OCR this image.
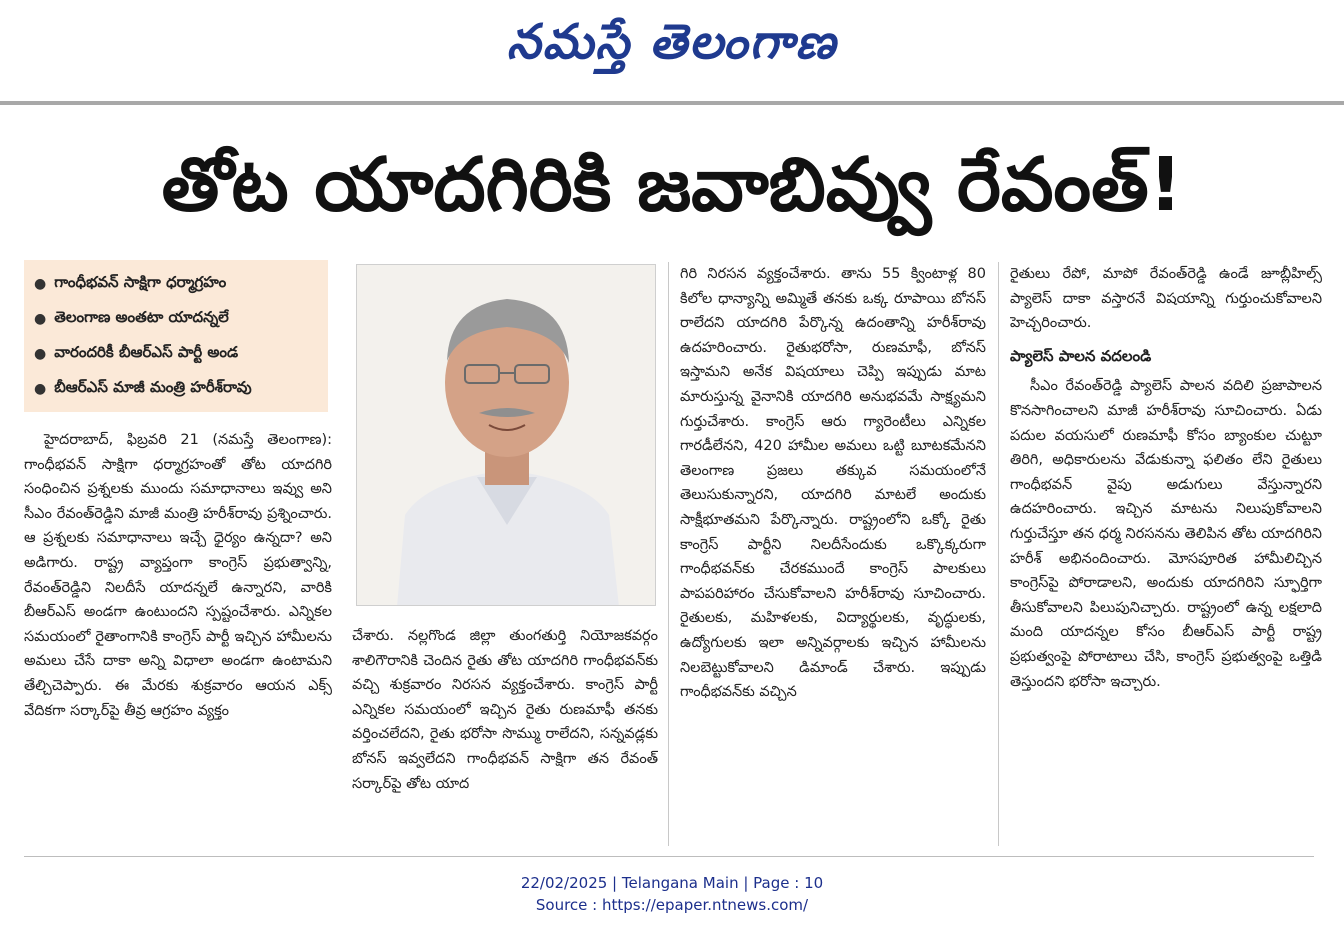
నమస్తే తెలంగాణ
తోట యాదగిరికి జవాబివ్వు రేవంత్!
● గాంధీభవన్ సాక్షిగా ధర్మాగ్రహం
● తెలంగాణ అంతటా యాదన్నలే
● వారందరికీ బీఆర్ఎస్ పార్టీ అండ
● బీఆర్ఎస్ మాజీ మంత్రి హరీశ్‌రావు

హైదరాబాద్, ఫిబ్రవరి 21 (నమస్తే తెలంగాణ): గాంధీభవన్ సాక్షిగా ధర్మాగ్రహంతో తోట యాదగిరి సంధించిన ప్రశ్నలకు ముందు సమాధానాలు ఇవ్వు అని సీఎం రేవంత్‌రెడ్డిని మాజీ మంత్రి హరీశ్‌రావు ప్రశ్నించారు. ఆ ప్రశ్నలకు సమాధానాలు ఇచ్చే ధైర్యం ఉన్నదా? అని అడిగారు. రాష్ట్ర వ్యాప్తంగా కాంగ్రెస్ ప్రభుత్వాన్ని, రేవంత్‌రెడ్డిని నిలదీసే యాదన్నలే ఉన్నారని, వారికి బీఆర్ఎస్ అండగా ఉంటుందని స్పష్టంచేశారు. ఎన్నికల సమయంలో రైతాంగానికి కాంగ్రెస్ పార్టీ ఇచ్చిన హామీలను అమలు చేసే దాకా అన్ని విధాలా అండగా ఉంటామని తేల్చిచెప్పారు. ఈ మేరకు శుక్రవారం ఆయన ఎక్స్ వేదికగా సర్కార్‌పై తీవ్ర ఆగ్రహం వ్యక్తం

చేశారు. నల్లగొండ జిల్లా తుంగతుర్తి నియోజకవర్గం శాలిగౌరానికి చెందిన రైతు తోట యాదగిరి గాంధీభవన్‌కు వచ్చి శుక్రవారం నిరసన వ్యక్తంచేశారు. కాంగ్రెస్ పార్టీ ఎన్నికల సమయంలో ఇచ్చిన రైతు రుణమాఫీ తనకు వర్తించలేదని, రైతు భరోసా సొమ్ము రాలేదని, సన్నవడ్లకు బోనస్ ఇవ్వలేదని గాంధీభవన్ సాక్షిగా తన రేవంత్ సర్కార్‌పై తోట యాద

గిరి నిరసన వ్యక్తంచేశారు. తాను 55 క్వింటాళ్ల 80 కిలోల ధాన్యాన్ని అమ్మితే తనకు ఒక్క రూపాయి బోనస్ రాలేదని యాదగిరి పేర్కొన్న ఉదంతాన్ని హరీశ్‌రావు ఉదహరించారు. రైతుభరోసా, రుణమాఫీ, బోనస్ ఇస్తామని అనేక విషయాలు చెప్పి ఇప్పుడు మాట మారుస్తున్న వైనానికి యాదగిరి అనుభవమే సాక్ష్యమని గుర్తుచేశారు. కాంగ్రెస్ ఆరు గ్యారెంటీలు ఎన్నికల గారడీలేనని, 420 హామీల అమలు ఒట్టి బూటకమేనని తెలంగాణ ప్రజలు తక్కువ సమయంలోనే తెలుసుకున్నారని, యాదగిరి మాటలే అందుకు సాక్షీభూతమని పేర్కొన్నారు. రాష్ట్రంలోని ఒక్కో రైతు కాంగ్రెస్ పార్టీని నిలదీసేందుకు ఒక్కొక్కరుగా గాంధీభవన్‌కు చేరకముందే కాంగ్రెస్ పాలకులు పాపపరిహారం చేసుకోవాలని హరీశ్‌రావు సూచించారు. రైతులకు, మహిళలకు, విద్యార్థులకు, వృద్ధులకు, ఉద్యోగులకు ఇలా అన్నివర్గాలకు ఇచ్చిన హామీలను నిలబెట్టుకోవాలని డిమాండ్ చేశారు. ఇప్పుడు గాంధీభవన్‌కు వచ్చిన

రైతులు రేపో, మాపో రేవంత్‌రెడ్డి ఉండే జూబ్లీహిల్స్ ప్యాలెస్ దాకా వస్తారనే విషయాన్ని గుర్తుంచుకోవాలని హెచ్చరించారు.

ప్యాలెస్ పాలన వదలండి

సీఎం రేవంత్‌రెడ్డి ప్యాలెస్ పాలన వదిలి ప్రజాపాలన కొనసాగించాలని మాజీ హరీశ్‌రావు సూచించారు. ఏడు పదుల వయసులో రుణమాఫీ కోసం బ్యాంకుల చుట్టూ తిరిగి, అధికారులను వేడుకున్నా ఫలితం లేని రైతులు గాంధీభవన్ వైపు అడుగులు వేస్తున్నారని ఉదహరించారు. ఇచ్చిన మాటను నిలుపుకోవాలని గుర్తుచేస్తూ తన ధర్మ నిరసనను తెలిపిన తోట యాదగిరిని హరీశ్ అభినందించారు. మోసపూరిత హామీలిచ్చిన కాంగ్రెస్‌పై పోరాడాలని, అందుకు యాదగిరిని స్ఫూర్తిగా తీసుకోవాలని పిలుపునిచ్చారు. రాష్ట్రంలో ఉన్న లక్షలాది మంది యాదన్నల కోసం బీఆర్ఎస్ పార్టీ రాష్ట్ర ప్రభుత్వంపై పోరాటాలు చేసి, కాంగ్రెస్ ప్రభుత్వంపై ఒత్తిడి తెస్తుందని భరోసా ఇచ్చారు.

22/02/2025 | Telangana Main | Page : 10
Source : https://epaper.ntnews.com/
